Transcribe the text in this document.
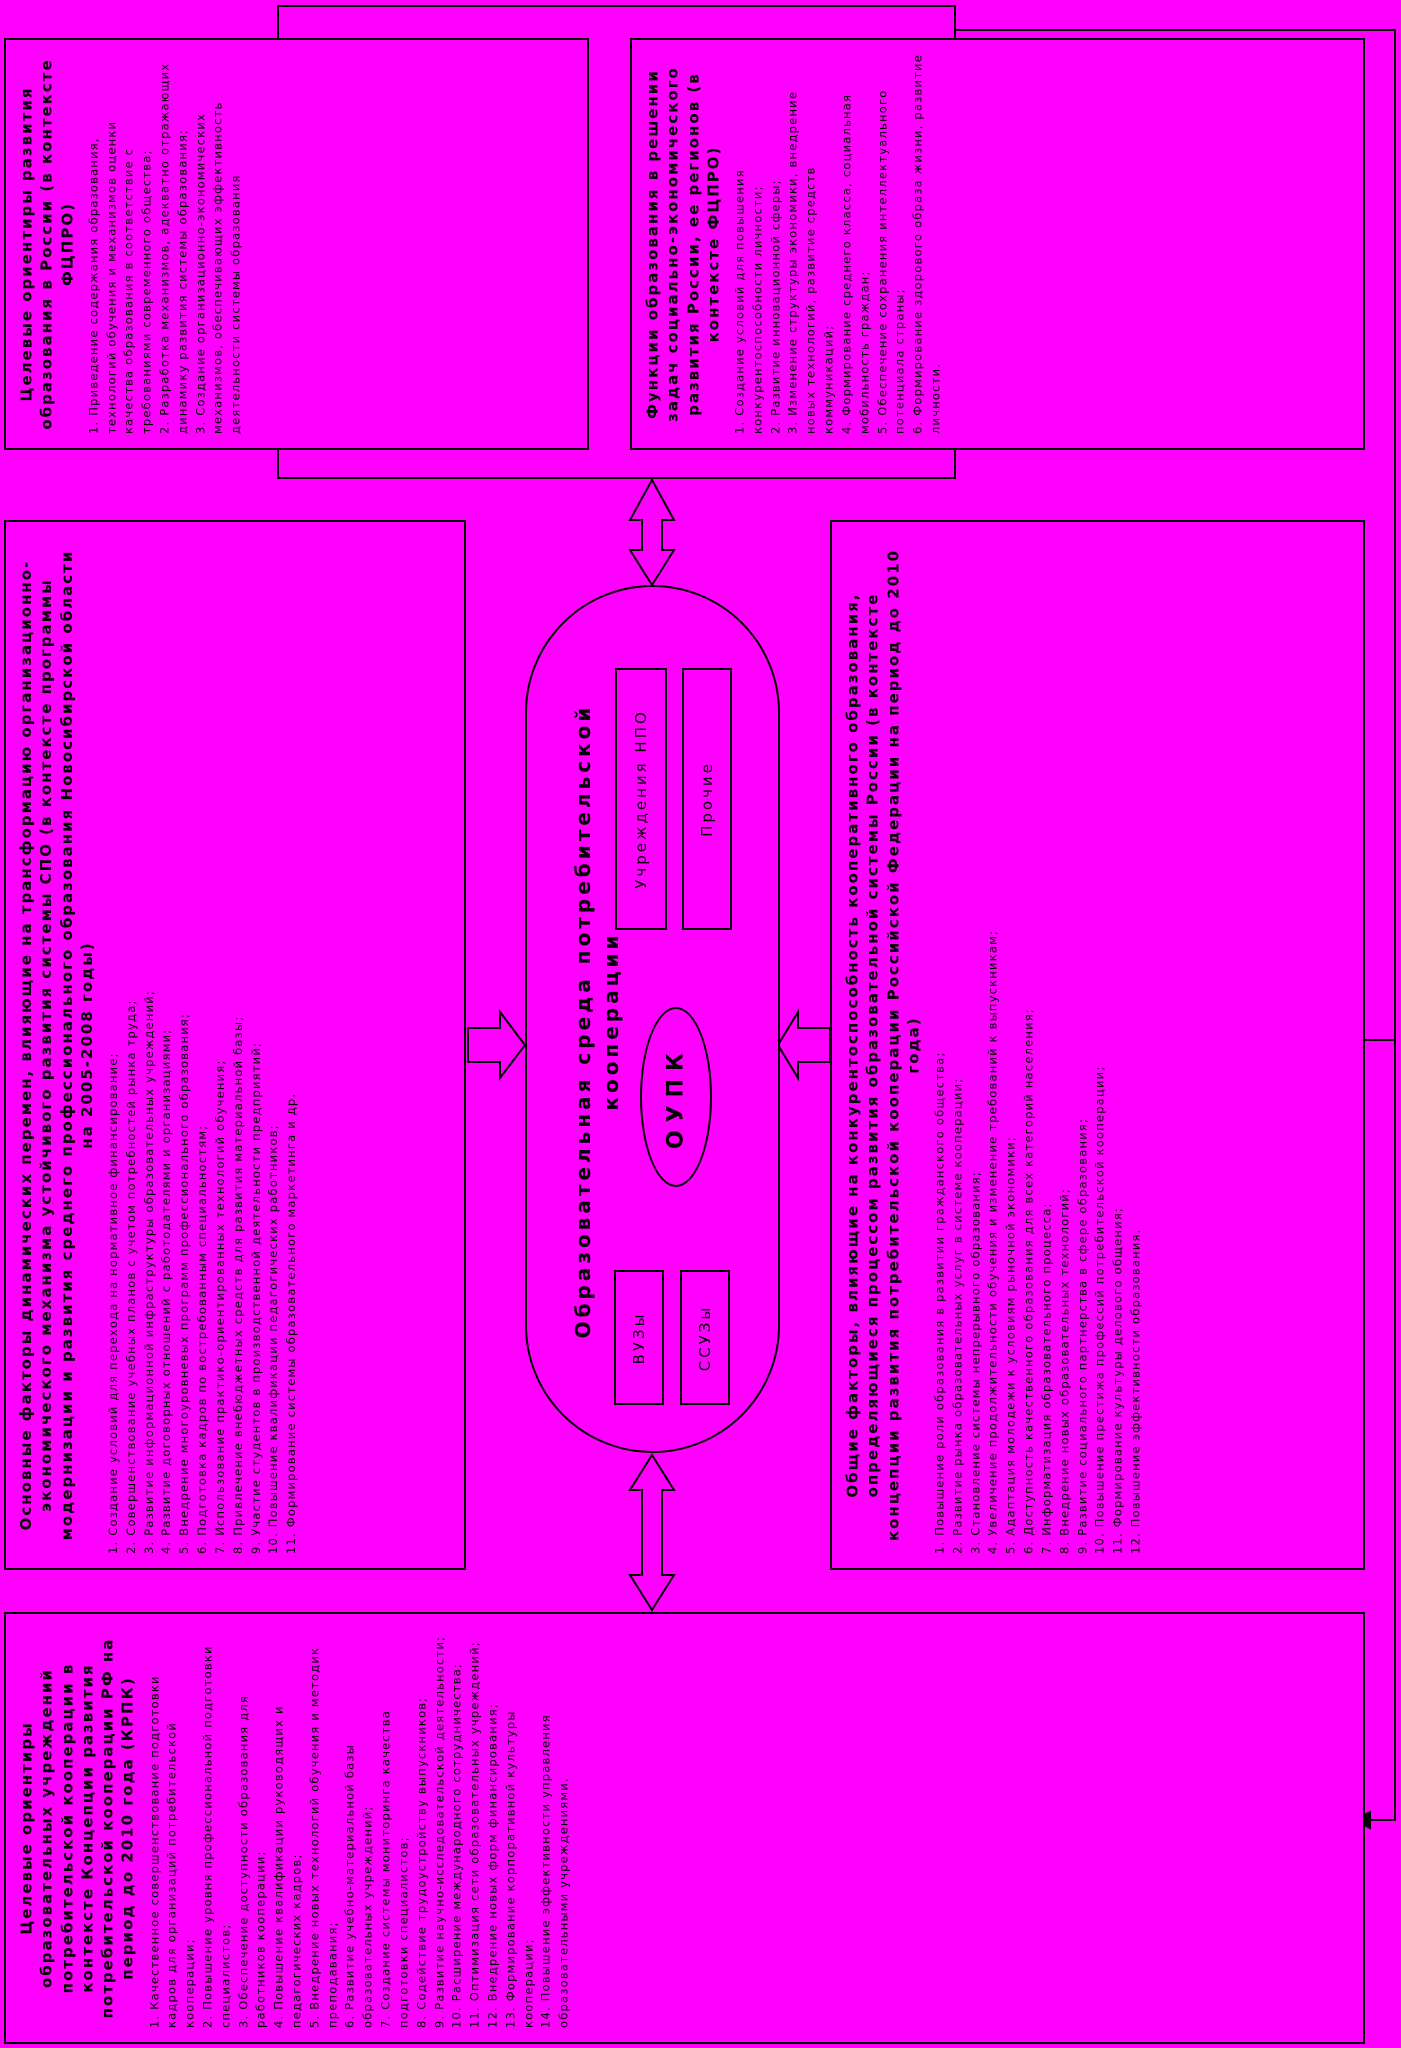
Целевые ориентиры развития образования в России (в контексте ФЦПРО) 1. Приведение содержания образования, технологий обучения и механизмов оценки качества образования в соответствие с требованиями современного общества; 2. Разработка механизмов, адекватно отражающих динамику развития системы образования; 3. Создание организационно-экономических механизмов, обеспечивающих эффективность деятельности системы образования	Функции образования в решении задач социально-экономического развития России, ее регионов (в контексте ФЦПРО) 1. Создание условий для повышения конкурентоспособности личности; 2. Развитие инновационной сферы; 3. Изменение структуры экономики, внедрение новых технологий, развитие средств коммуникаций; 4. Формирование среднего класса, социальная мобильность граждан; 5. Обеспечение сохранения интеллектуального потенциала страны; 6. Формирование здорового образа жизни, развитие личности.
Основные факторы динамических перемен, влияющие на трансформацию организационно-экономического механизма устойчивого развития системы СПО (в контексте программы модернизации и развития среднего профессионального образования Новосибирской области на 2005-2008 годы)
1. Создание условий для перехода на нормативное финансирование; 2. Совершенствование учебных планов с учетом потребностей рынка труда; 3. Развитие информационной инфраструктуры образовательных учреждений; 4. Развитие договорных отношений с работодателями и организациями; 5. Внедрение многоуровневых программ профессионального образования; 6. Подготовка кадров по востребованным специальностям; 7. Использование практико-ориентированных технологий обучения; 8. Привлечение внебюджетных средств для развития материальной базы; 9. Участие студентов в производственной деятельности предприятий; 10. Повышение квалификации педагогических работников; 11. Формирование системы образовательного маркетинга и др.	Общие факторы, влияющие на конкурентоспособность кооперативного образования, определяющиеся процессом развития образовательной системы России (в контексте концепции развития потребительской кооперации Российской Федерации на период до 2010 года)
1. Повышение роли образования в развитии гражданского общества; 2. Развитие рынка образовательных услуг в системе кооперации; 3. Становление системы непрерывного образования; 4. Увеличение продолжительности обучения и изменение требований к выпускникам; 5. Адаптация молодежи к условиям рыночной экономики; 6. Доступность качественного образования для всех категорий населения; 7. Информатизация образовательного процесса; 8. Внедрение новых образовательных технологий; 9. Развитие социального партнерства в сфере образования; 10. Повышение престижа профессий потребительской кооперации; 11. Формирование культуры делового общения; 12. Повышение эффективности образования.
Целевые ориентиры образовательных учреждений потребительской кооперации в контексте Концепции развития потребительской кооперации РФ на период до 2010 года (КРПК) 1. Качественное совершенствование подготовки кадров для организаций потребительской кооперации; 2. Повышение уровня профессиональной подготовки специалистов; 3. Обеспечение доступности образования для работников кооперации; 4. Повышение квалификации руководящих и педагогических кадров; 5. Внедрение новых технологий обучения и методик преподавания; 6. Развитие учебно-материальной базы образовательных учреждений; 7. Создание системы мониторинга качества подготовки специалистов; 8. Содействие трудоустройству выпускников; 9. Развитие научно-исследовательской деятельности; 10. Расширение международного сотрудничества; 11. Оптимизация сети образовательных учреждений; 12. Внедрение новых форм финансирования; 13. Формирование корпоративной культуры кооперации; 14. Повышение эффективности управления образовательными учреждениями.
Образовательная среда потребительской кооперации
Учреждения НПО	Прочие
ОУПК
ВУЗы	ССУЗы
